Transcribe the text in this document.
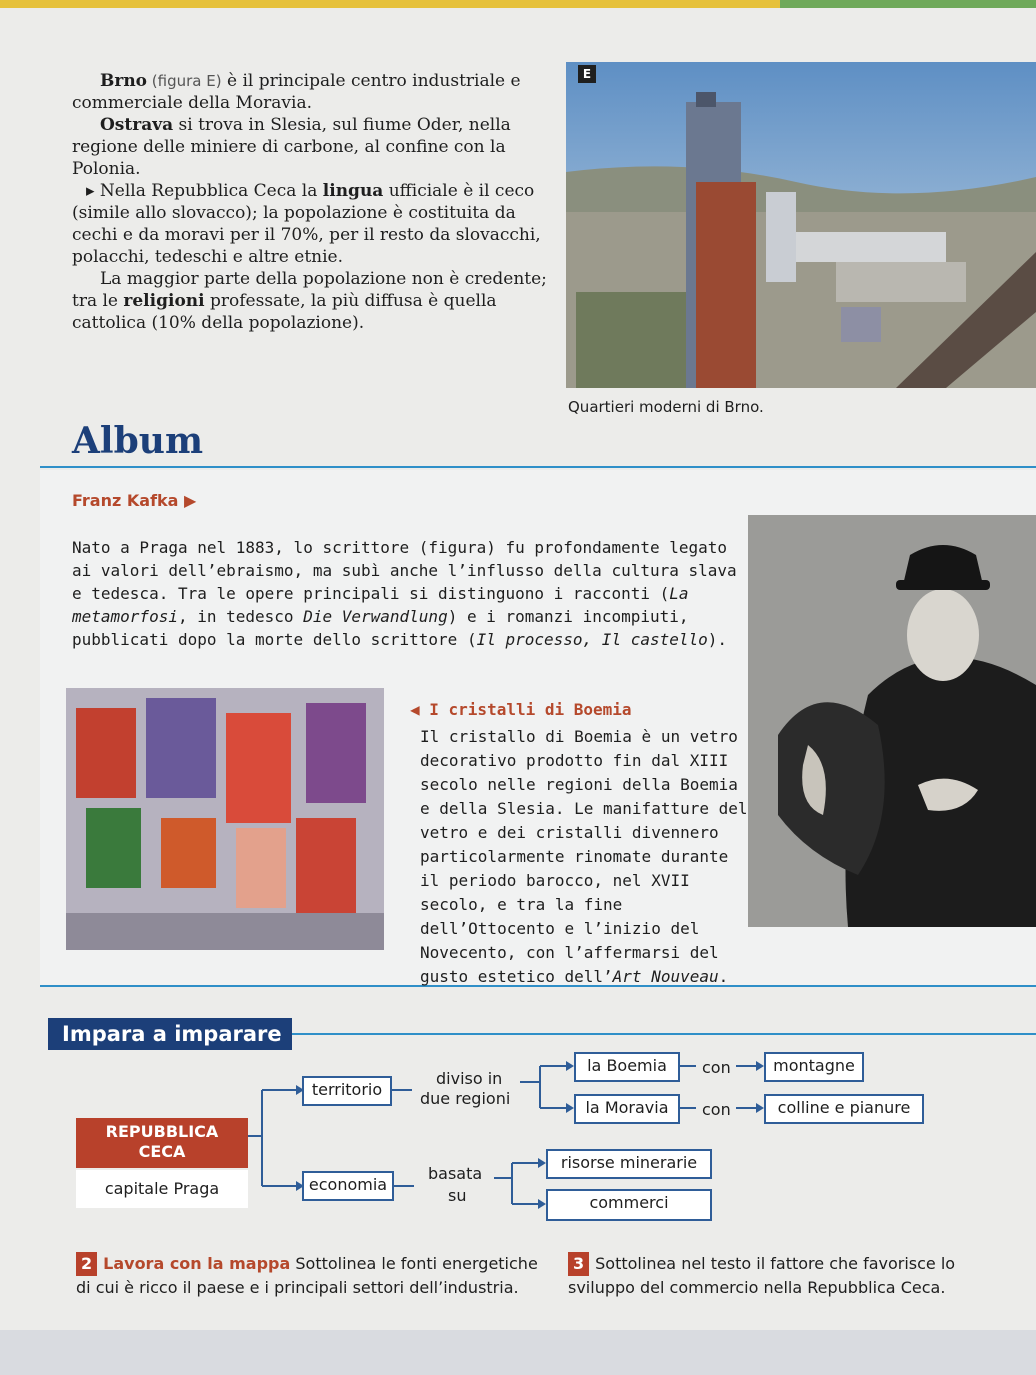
Brno (figura E) è il principale centro industriale e commerciale della Moravia.

Ostrava si trova in Slesia, sul fiume Oder, nella regione delle miniere di carbone, al confine con la Polonia.

▸ Nella Repubblica Ceca la lingua ufficiale è il ceco (simile allo slovacco); la popolazione è costituita da cechi e da moravi per il 70%, per il resto da slovacchi, polacchi, tedeschi e altre etnie.

La maggior parte della popolazione non è credente; tra le religioni professate, la più diffusa è quella cattolica (10% della popolazione).

E
Quartieri moderni di Brno.
Album
Franz Kafka ▶
Nato a Praga nel 1883, lo scrittore (figura) fu profondamente legato ai valori dell’ebraismo, ma subì anche l’influsso della cultura slava e tedesca. Tra le opere principali si distinguono i racconti (La metamorfosi, in tedesco Die Verwandlung) e i romanzi incompiuti, pubblicati dopo la morte dello scrittore (Il processo, Il castello).
◀ I cristalli di Boemia
Il cristallo di Boemia è un vetro decorativo prodotto fin dal XIII secolo nelle regioni della Boemia e della Slesia. Le manifatture del vetro e dei cristalli divennero particolarmente rinomate durante il periodo barocco, nel XVII secolo, e tra la fine dell’Ottocento e l’inizio del Novecento, con l’affermarsi del gusto estetico dell’Art Nouveau.
Impara a imparare
REPUBBLICA
CECA
capitale Praga
territorio
diviso in
due regioni
la Boemia
la Moravia
con
con
montagne
colline e pianure
economia
basata
su
risorse minerarie
commerci
2 Lavora con la mappa Sottolinea le fonti energetiche di cui è ricco il paese e i principali settori dell’industria.
3 Sottolinea nel testo il fattore che favorisce lo sviluppo del commercio nella Repubblica Ceca.
